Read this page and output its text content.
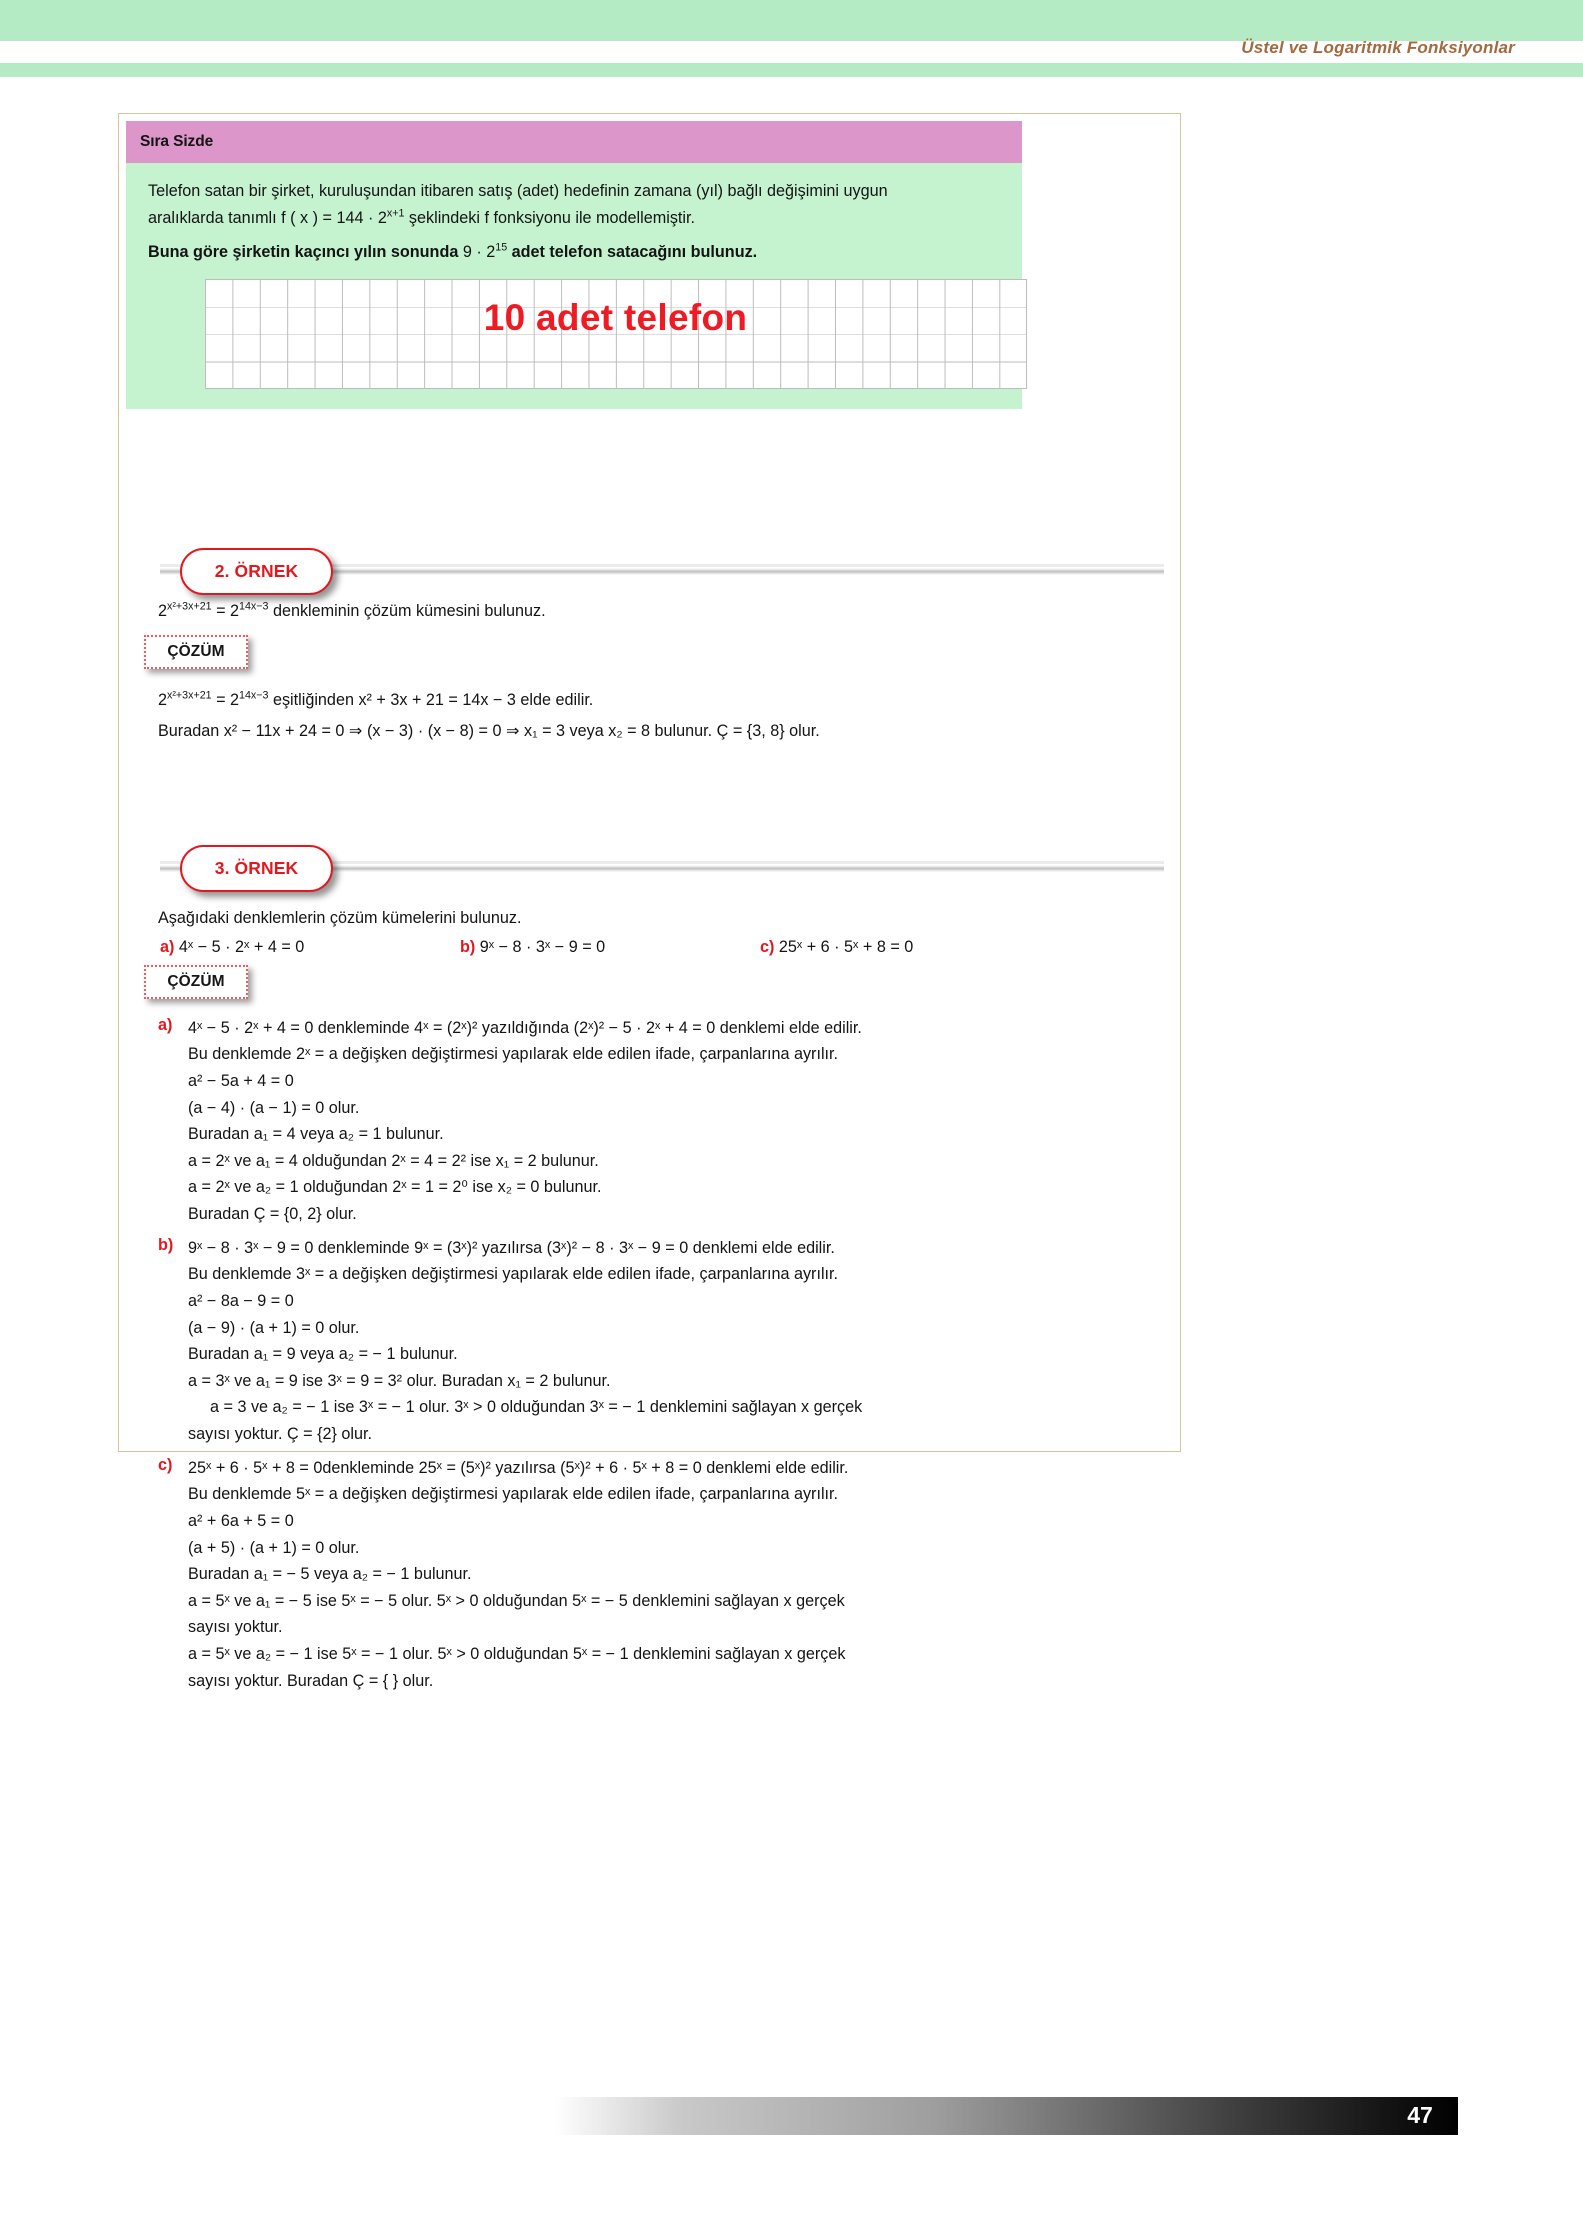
Üstel ve Logaritmik Fonksiyonlar
Sıra Sizde
Telefon satan bir şirket, kuruluşundan itibaren satış (adet) hedefinin zamana (yıl) bağlı değişimini uygun
aralıklarda tanımlı f ( x ) = $144 \cdot 2^{x+1}$ şeklindeki f fonksiyonu ile modellemiştir.
Buna göre şirketin kaçıncı yılın sonunda $9 \cdot 2^{15}$ adet telefon satacağını bulunuz.
10 adet telefon
2. ÖRNEK
$2^{x^2+3x+21} = 2^{14x-3}$ denkleminin çözüm kümesini bulunuz.
ÇÖZÜM
$2^{x^2+3x+21} = 2^{14x-3}$ eşitliğinden x² + 3x + 21 = 14x − 3 elde edilir.
Buradan x² − 11x + 24 = 0 ⇒ (x − 3) · (x − 8) = 0 ⇒ x₁ = 3 veya x₂ = 8 bulunur. Ç = {3, 8} olur.
3. ÖRNEK
Aşağıdaki denklemlerin çözüm kümelerini bulunuz.
a) 4ˣ − 5 · 2ˣ + 4 = 0	b) 9ˣ − 8 · 3ˣ − 9 = 0	c) 25ˣ + 6 · 5ˣ + 8 = 0
ÇÖZÜM
a) 4ˣ − 5 · 2ˣ + 4 = 0 denkleminde 4ˣ = (2ˣ)² yazıldığında (2ˣ)² − 5 · 2ˣ + 4 = 0 denklemi elde edilir.
Bu denklemde 2ˣ = a değişken değiştirmesi yapılarak elde edilen ifade, çarpanlarına ayrılır.
a² − 5a + 4 = 0
(a − 4) · (a − 1) = 0 olur.
Buradan a₁ = 4 veya a₂ = 1 bulunur.
a = 2ˣ ve a₁ = 4 olduğundan 2ˣ = 4 = 2² ise x₁ = 2 bulunur.
a = 2ˣ ve a₂ = 1 olduğundan 2ˣ = 1 = 2⁰ ise x₂ = 0 bulunur.
Buradan Ç = {0, 2} olur.
b) 9ˣ − 8 · 3ˣ − 9 = 0 denkleminde 9ˣ = (3ˣ)² yazılırsa (3ˣ)² − 8 · 3ˣ − 9 = 0 denklemi elde edilir.
Bu denklemde 3ˣ = a değişken değiştirmesi yapılarak elde edilen ifade, çarpanlarına ayrılır.
a² − 8a − 9 = 0
(a − 9) · (a + 1) = 0 olur.
Buradan a₁ = 9 veya a₂ = − 1 bulunur.
a = 3ˣ ve a₁ = 9 ise 3ˣ = 9 = 3² olur. Buradan x₁ = 2 bulunur.
a = 3 ve a₂ = − 1 ise 3ˣ = − 1 olur. 3ˣ > 0 olduğundan 3ˣ = − 1 denklemini sağlayan x gerçek
sayısı yoktur. Ç = {2} olur.
c) 25ˣ + 6 · 5ˣ + 8 = 0denkleminde 25ˣ = (5ˣ)² yazılırsa (5ˣ)² + 6 · 5ˣ + 8 = 0 denklemi elde edilir.
Bu denklemde 5ˣ = a değişken değiştirmesi yapılarak elde edilen ifade, çarpanlarına ayrılır.
a² + 6a + 5 = 0
(a + 5) · (a + 1) = 0 olur.
Buradan a₁ = − 5 veya a₂ = − 1 bulunur.
a = 5ˣ ve a₁ = − 5 ise 5ˣ = − 5 olur. 5ˣ > 0 olduğundan 5ˣ = − 5 denklemini sağlayan x gerçek
sayısı yoktur.
a = 5ˣ ve a₂ = − 1 ise 5ˣ = − 1 olur. 5ˣ > 0 olduğundan 5ˣ = − 1 denklemini sağlayan x gerçek
sayısı yoktur. Buradan Ç = { } olur.
47
